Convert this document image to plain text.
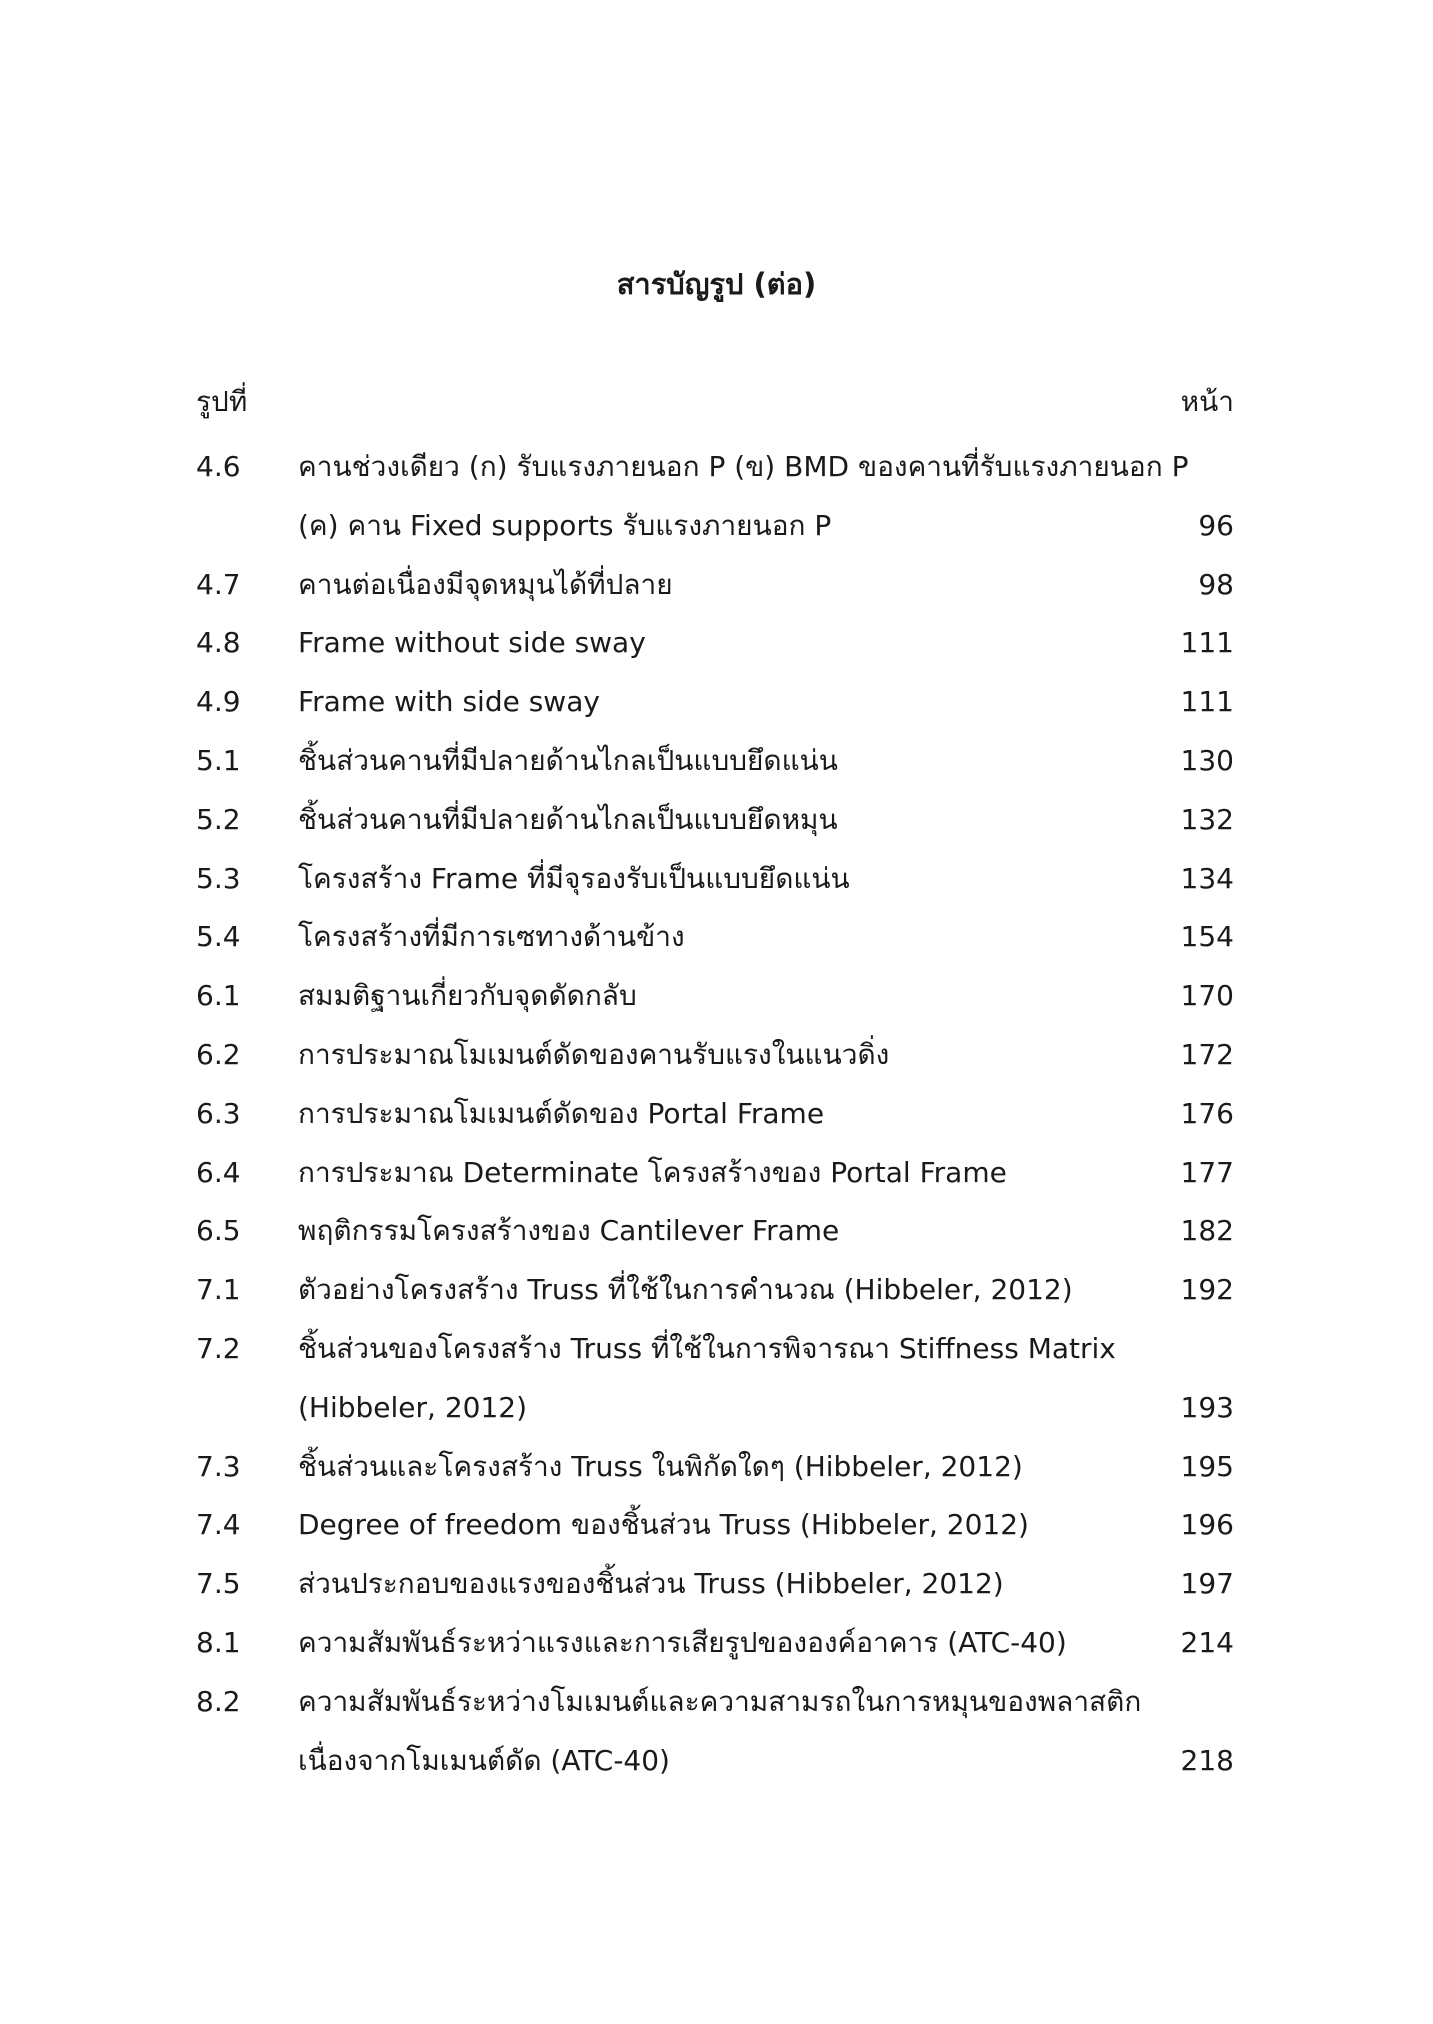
สารบัญรูป (ต่อ)
รูปที่	หน้า
4.6 คานช่วงเดียว (ก) รับแรงภายนอก P (ข) BMD ของคานที่รับแรงภายนอก P
(ค) คาน Fixed supports รับแรงภายนอก P	96
4.7 คานต่อเนื่องมีจุดหมุนได้ที่ปลาย	98
4.8 Frame without side sway	111
4.9 Frame with side sway	111
5.1 ชิ้นส่วนคานที่มีปลายด้านไกลเป็นแบบยึดแน่น	130
5.2 ชิ้นส่วนคานที่มีปลายด้านไกลเป็นแบบยึดหมุน	132
5.3 โครงสร้าง Frame ที่มีจุรองรับเป็นแบบยึดแน่น	134
5.4 โครงสร้างที่มีการเซทางด้านข้าง	154
6.1 สมมติฐานเกี่ยวกับจุดดัดกลับ	170
6.2 การประมาณโมเมนต์ดัดของคานรับแรงในแนวดิ่ง	172
6.3 การประมาณโมเมนต์ดัดของ Portal Frame	176
6.4 การประมาณ Determinate โครงสร้างของ Portal Frame	177
6.5 พฤติกรรมโครงสร้างของ Cantilever Frame	182
7.1 ตัวอย่างโครงสร้าง Truss ที่ใช้ในการคำนวณ (Hibbeler, 2012)	192
7.2 ชิ้นส่วนของโครงสร้าง Truss ที่ใช้ในการพิจารณา Stiffness Matrix
(Hibbeler, 2012)	193
7.3 ชิ้นส่วนและโครงสร้าง Truss ในพิกัดใดๆ (Hibbeler, 2012)	195
7.4 Degree of freedom ของชิ้นส่วน Truss (Hibbeler, 2012)	196
7.5 ส่วนประกอบของแรงของชิ้นส่วน Truss (Hibbeler, 2012)	197
8.1 ความสัมพันธ์ระหว่าแรงและการเสียรูปขององค์อาคาร (ATC-40)	214
8.2 ความสัมพันธ์ระหว่างโมเมนต์และความสามรถในการหมุนของพลาสติก
เนื่องจากโมเมนต์ดัด (ATC-40)	218
